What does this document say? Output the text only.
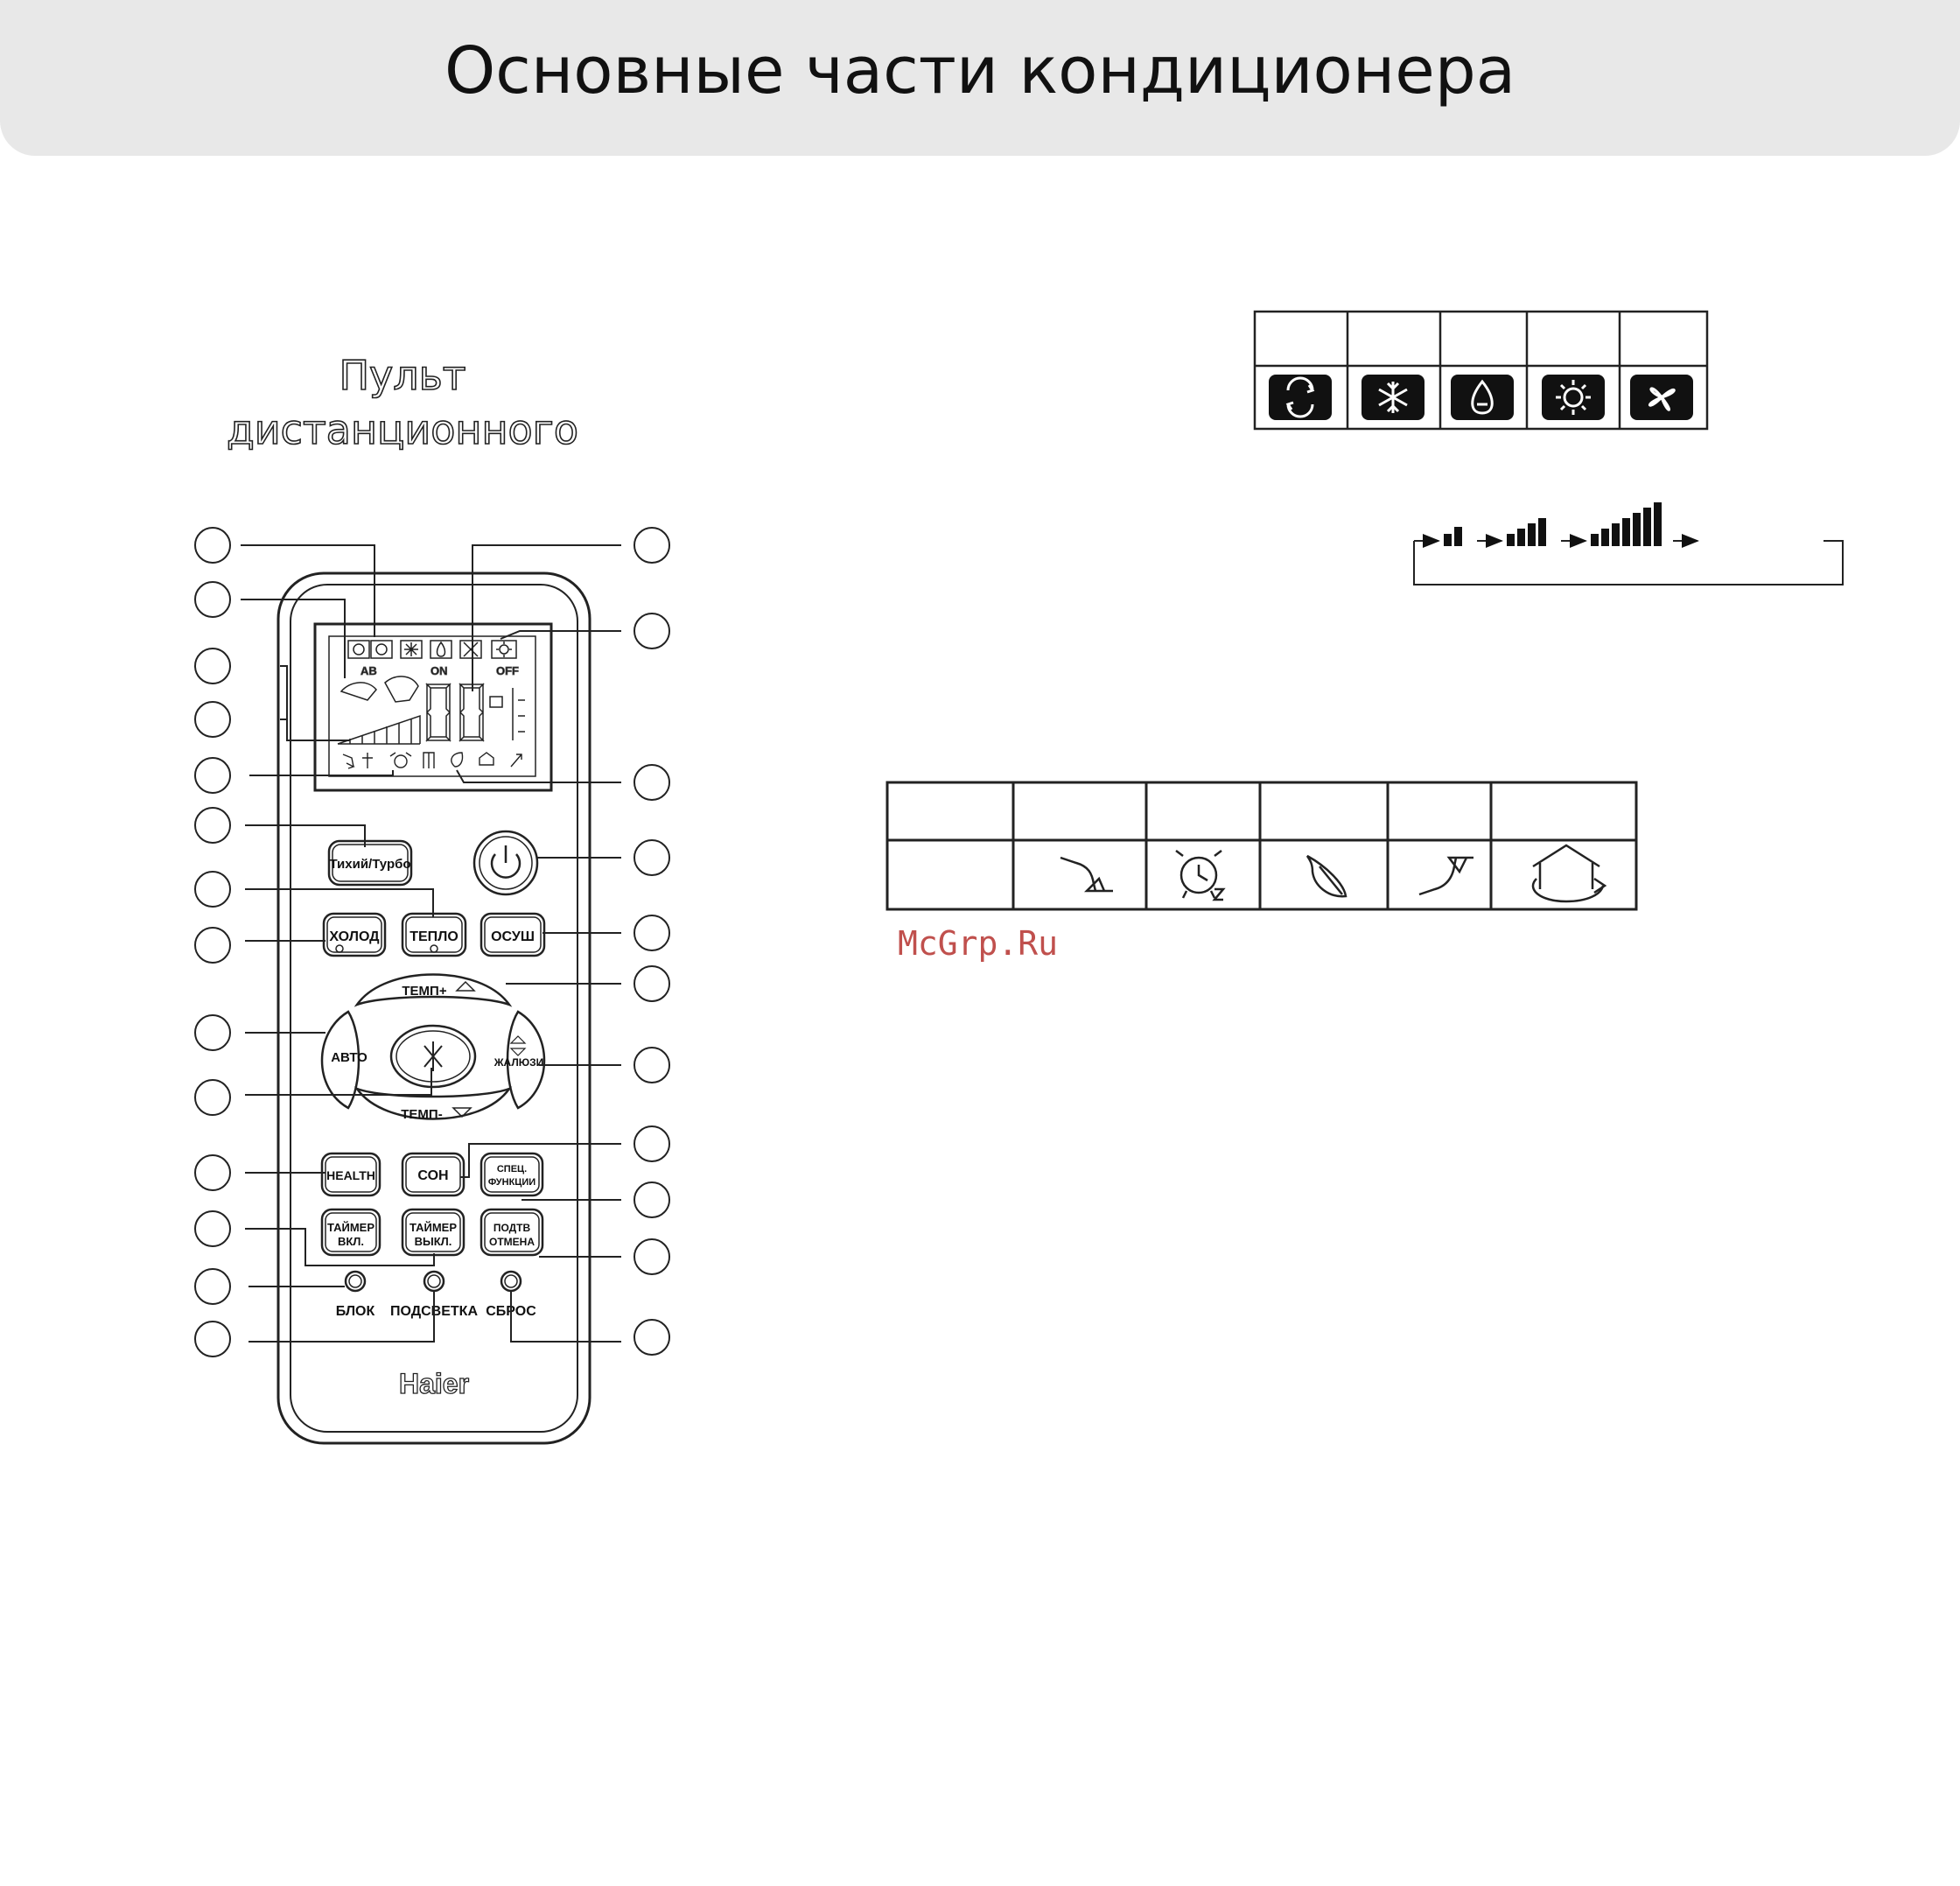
Основные части кондиционера
Пульт
дистанционного
AB	ON	OFF
Тихий/Турбо
ХОЛОД ТЕПЛО ОСУШ
ТЕМП+
ТЕМП-
АВТО	ЖАЛЮЗИ
HEALTH	СОН	СПЕЦ.
ФУНКЦИИ
ТАЙМЕР
ВКЛ.
ТАЙМЕР
ВЫКЛ.
ПОДТВ
ОТМЕНА
БЛОК ПОДСВЕТКА СБРОС
Haier
McGrp.Ru
